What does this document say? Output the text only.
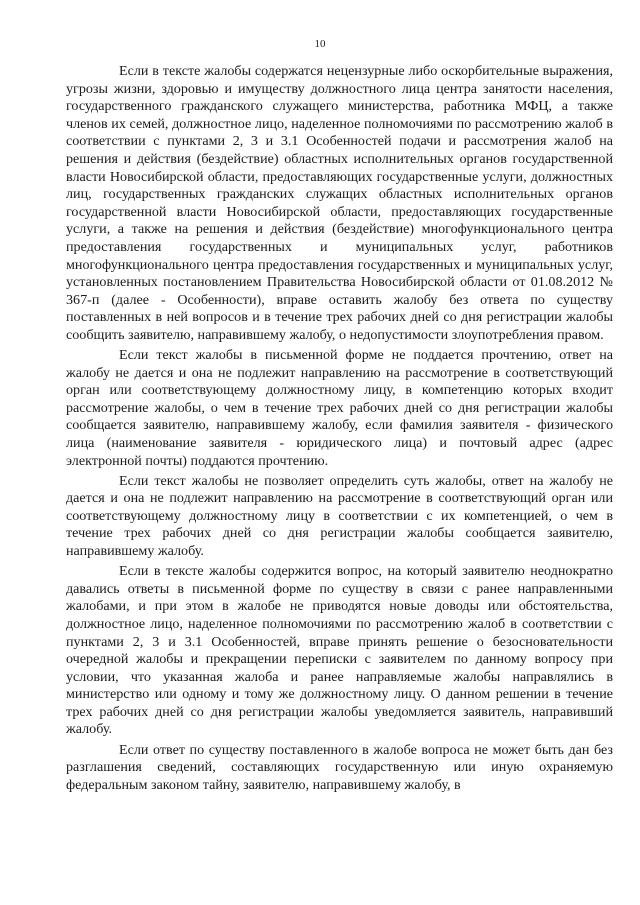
10

Если в тексте жалобы содержатся нецензурные либо оскорбительные выражения, угрозы жизни, здоровью и имуществу должностного лица центра занятости населения, государственного гражданского служащего министерства, работника МФЦ, а также членов их семей, должностное лицо, наделенное полномочиями по рассмотрению жалоб в соответствии с пунктами 2, 3 и 3.1 Особенностей подачи и рассмотрения жалоб на решения и действия (бездействие) областных исполнительных органов государственной власти Новосибирской области, предоставляющих государственные услуги, должностных лиц, государственных гражданских служащих областных исполнительных органов государственной власти Новосибирской области, предоставляющих государственные услуги, а также на решения и действия (бездействие) многофункционального центра предоставления государственных и муниципальных услуг, работников многофункционального центра предоставления государственных и муниципальных услуг, установленных постановлением Правительства Новосибирской области от 01.08.2012 № 367-п (далее - Особенности), вправе оставить жалобу без ответа по существу поставленных в ней вопросов и в течение трех рабочих дней со дня регистрации жалобы сообщить заявителю, направившему жалобу, о недопустимости злоупотребления правом.

Если текст жалобы в письменной форме не поддается прочтению, ответ на жалобу не дается и она не подлежит направлению на рассмотрение в соответствующий орган или соответствующему должностному лицу, в компетенцию которых входит рассмотрение жалобы, о чем в течение трех рабочих дней со дня регистрации жалобы сообщается заявителю, направившему жалобу, если фамилия заявителя - физического лица (наименование заявителя - юридического лица) и почтовый адрес (адрес электронной почты) поддаются прочтению.

Если текст жалобы не позволяет определить суть жалобы, ответ на жалобу не дается и она не подлежит направлению на рассмотрение в соответствующий орган или соответствующему должностному лицу в соответствии с их компетенцией, о чем в течение трех рабочих дней со дня регистрации жалобы сообщается заявителю, направившему жалобу.

Если в тексте жалобы содержится вопрос, на который заявителю неоднократно давались ответы в письменной форме по существу в связи с ранее направленными жалобами, и при этом в жалобе не приводятся новые доводы или обстоятельства, должностное лицо, наделенное полномочиями по рассмотрению жалоб в соответствии с пунктами 2, 3 и 3.1 Особенностей, вправе принять решение о безосновательности очередной жалобы и прекращении переписки с заявителем по данному вопросу при условии, что указанная жалоба и ранее направляемые жалобы направлялись в министерство или одному и тому же должностному лицу. О данном решении в течение трех рабочих дней со дня регистрации жалобы уведомляется заявитель, направивший жалобу.

Если ответ по существу поставленного в жалобе вопроса не может быть дан без разглашения сведений, составляющих государственную или иную охраняемую федеральным законом тайну, заявителю, направившему жалобу, в
